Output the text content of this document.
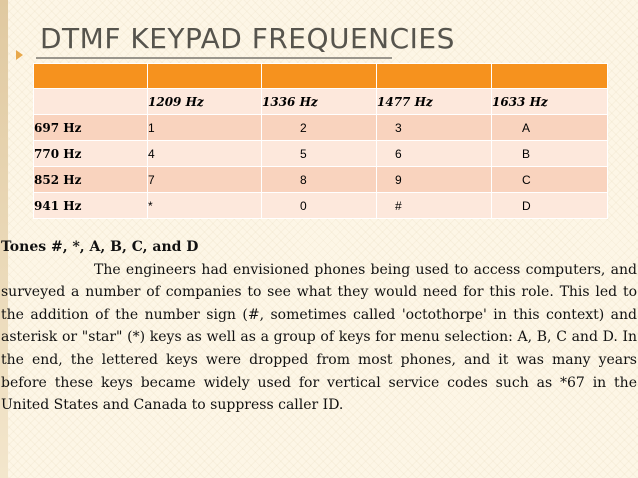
DTMF KEYPAD FREQUENCIES

	1209 Hz	1336 Hz	1477 Hz	1633 Hz
697 Hz	1	2	3	A
770 Hz	4	5	6	B
852 Hz	7	8	9	C
941 Hz	*	0	#	D

Tones #, *, A, B, C, and D
The engineers had envisioned phones being used to access computers, and surveyed a number of companies to see what they would need for this role. This led to the addition of the number sign (#, sometimes called 'octothorpe' in this context) and asterisk or "star" (*) keys as well as a group of keys for menu selection: A, B, C and D. In the end, the lettered keys were dropped from most phones, and it was many years before these keys became widely used for vertical service codes such as *67 in the United States and Canada to suppress caller ID.
